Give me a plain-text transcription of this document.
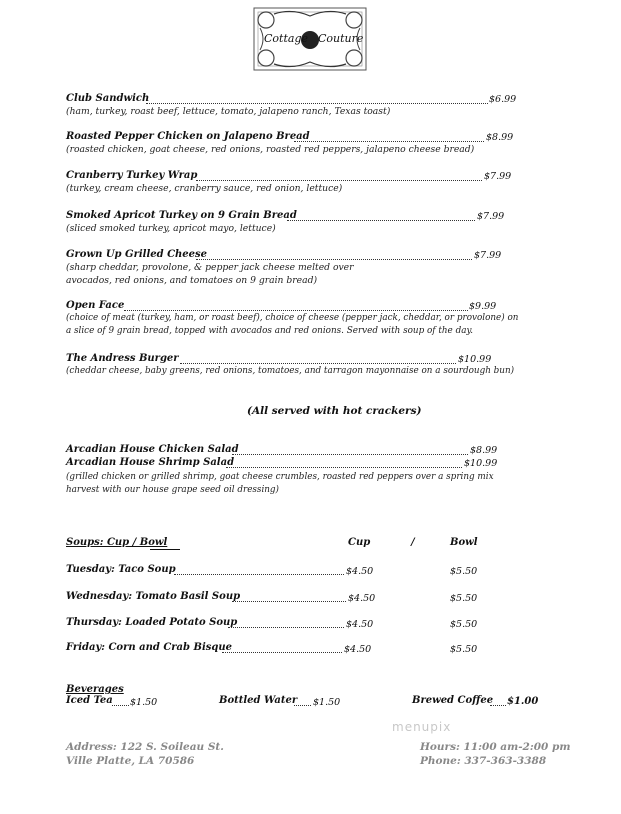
Cottage Couture
Club Sandwich	$6.99
(ham, turkey, roast beef, lettuce, tomato, jalapeno ranch, Texas toast)
Roasted Pepper Chicken on Jalapeno Bread	$8.99
(roasted chicken, goat cheese, red onions, roasted red peppers, jalapeno cheese bread)
Cranberry Turkey Wrap	$7.99
(turkey, cream cheese, cranberry sauce, red onion, lettuce)
Smoked Apricot Turkey on 9 Grain Bread	$7.99
(sliced smoked turkey, apricot mayo, lettuce)
Grown Up Grilled Cheese	$7.99
(sharp cheddar, provolone, & pepper jack cheese melted over
avocados, red onions, and tomatoes on 9 grain bread)
Open Face	$9.99
(choice of meat (turkey, ham, or roast beef), choice of cheese (pepper jack, cheddar, or provolone) on
a slice of 9 grain bread, topped with avocados and red onions. Served with soup of the day.
The Andress Burger	$10.99
(cheddar cheese, baby greens, red onions, tomatoes, and tarragon mayonnaise on a sourdough bun)
(All served with hot crackers)
Arcadian House Chicken Salad	$8.99
Arcadian House Shrimp Salad	$10.99
(grilled chicken or grilled shrimp, goat cheese crumbles, roasted red peppers over a spring mix
harvest with our house grape seed oil dressing)
Soups: Cup / Bowl	Cup	/	Bowl
Tuesday: Taco Soup	$4.50	$5.50
Wednesday: Tomato Basil Soup	$4.50	$5.50
Thursday: Loaded Potato Soup	$4.50	$5.50
Friday: Corn and Crab Bisque	$4.50	$5.50
Beverages
Iced Tea $1.50	Bottled Water $1.50	Brewed Coffee $1.00
menupix
Address: 122 S. Soileau St.
Ville Platte, LA 70586
Hours: 11:00 am-2:00 pm
Phone: 337-363-3388
